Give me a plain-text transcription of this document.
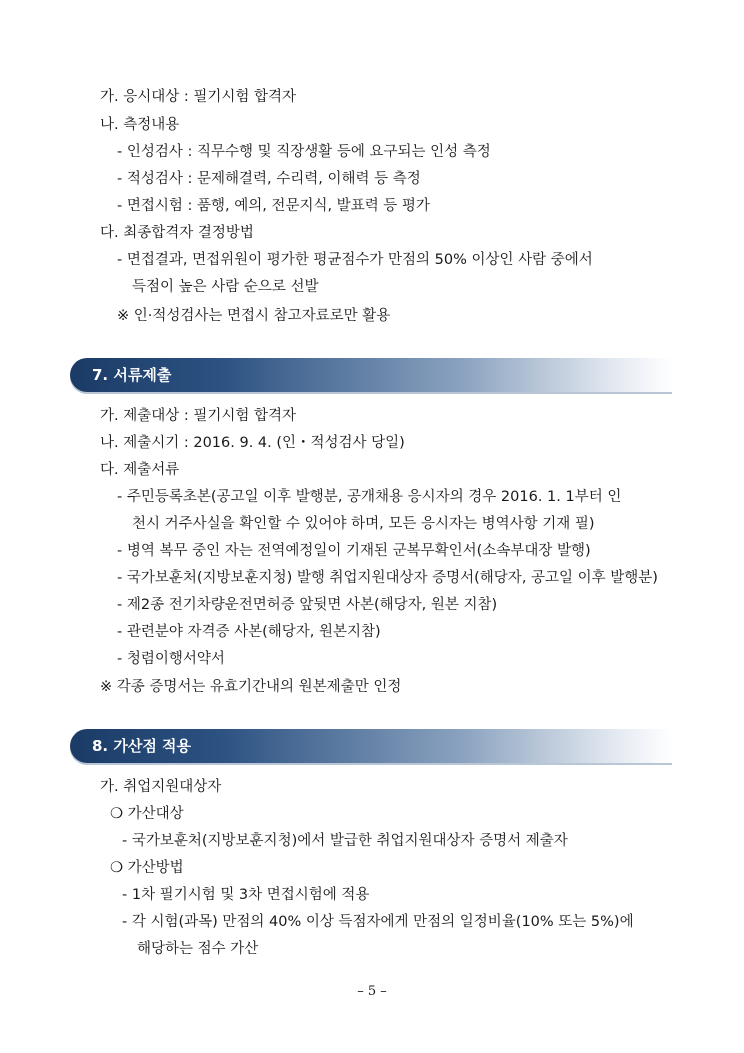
가. 응시대상 : 필기시험 합격자
나. 측정내용
- 인성검사 : 직무수행 및 직장생활 등에 요구되는 인성 측정
- 적성검사 : 문제해결력, 수리력, 이해력 등 측정
- 면접시험 : 품행, 예의, 전문지식, 발표력 등 평가
다. 최종합격자 결정방법
- 면접결과, 면접위원이 평가한 평균점수가 만점의 50% 이상인 사람 중에서
득점이 높은 사람 순으로 선발
※ 인·적성검사는 면접시 참고자료로만 활용
7. 서류제출
가. 제출대상 : 필기시험 합격자
나. 제출시기 : 2016. 9. 4. (인・적성검사 당일)
다. 제출서류
- 주민등록초본(공고일 이후 발행분, 공개채용 응시자의 경우 2016. 1. 1부터 인
천시 거주사실을 확인할 수 있어야 하며, 모든 응시자는 병역사항 기재 필)
- 병역 복무 중인 자는 전역예정일이 기재된 군복무확인서(소속부대장 발행)
- 국가보훈처(지방보훈지청) 발행 취업지원대상자 증명서(해당자, 공고일 이후 발행분)
- 제2종 전기차량운전면허증 앞뒷면 사본(해당자, 원본 지참)
- 관련분야 자격증 사본(해당자, 원본지참)
- 청렴이행서약서
※ 각종 증명서는 유효기간내의 원본제출만 인정
8. 가산점 적용
가. 취업지원대상자
❍ 가산대상
- 국가보훈처(지방보훈지청)에서 발급한 취업지원대상자 증명서 제출자
❍ 가산방법
- 1차 필기시험 및 3차 면접시험에 적용
- 각 시험(과목) 만점의 40% 이상 득점자에게 만점의 일정비율(10% 또는 5%)에
해당하는 점수 가산
– 5 –
